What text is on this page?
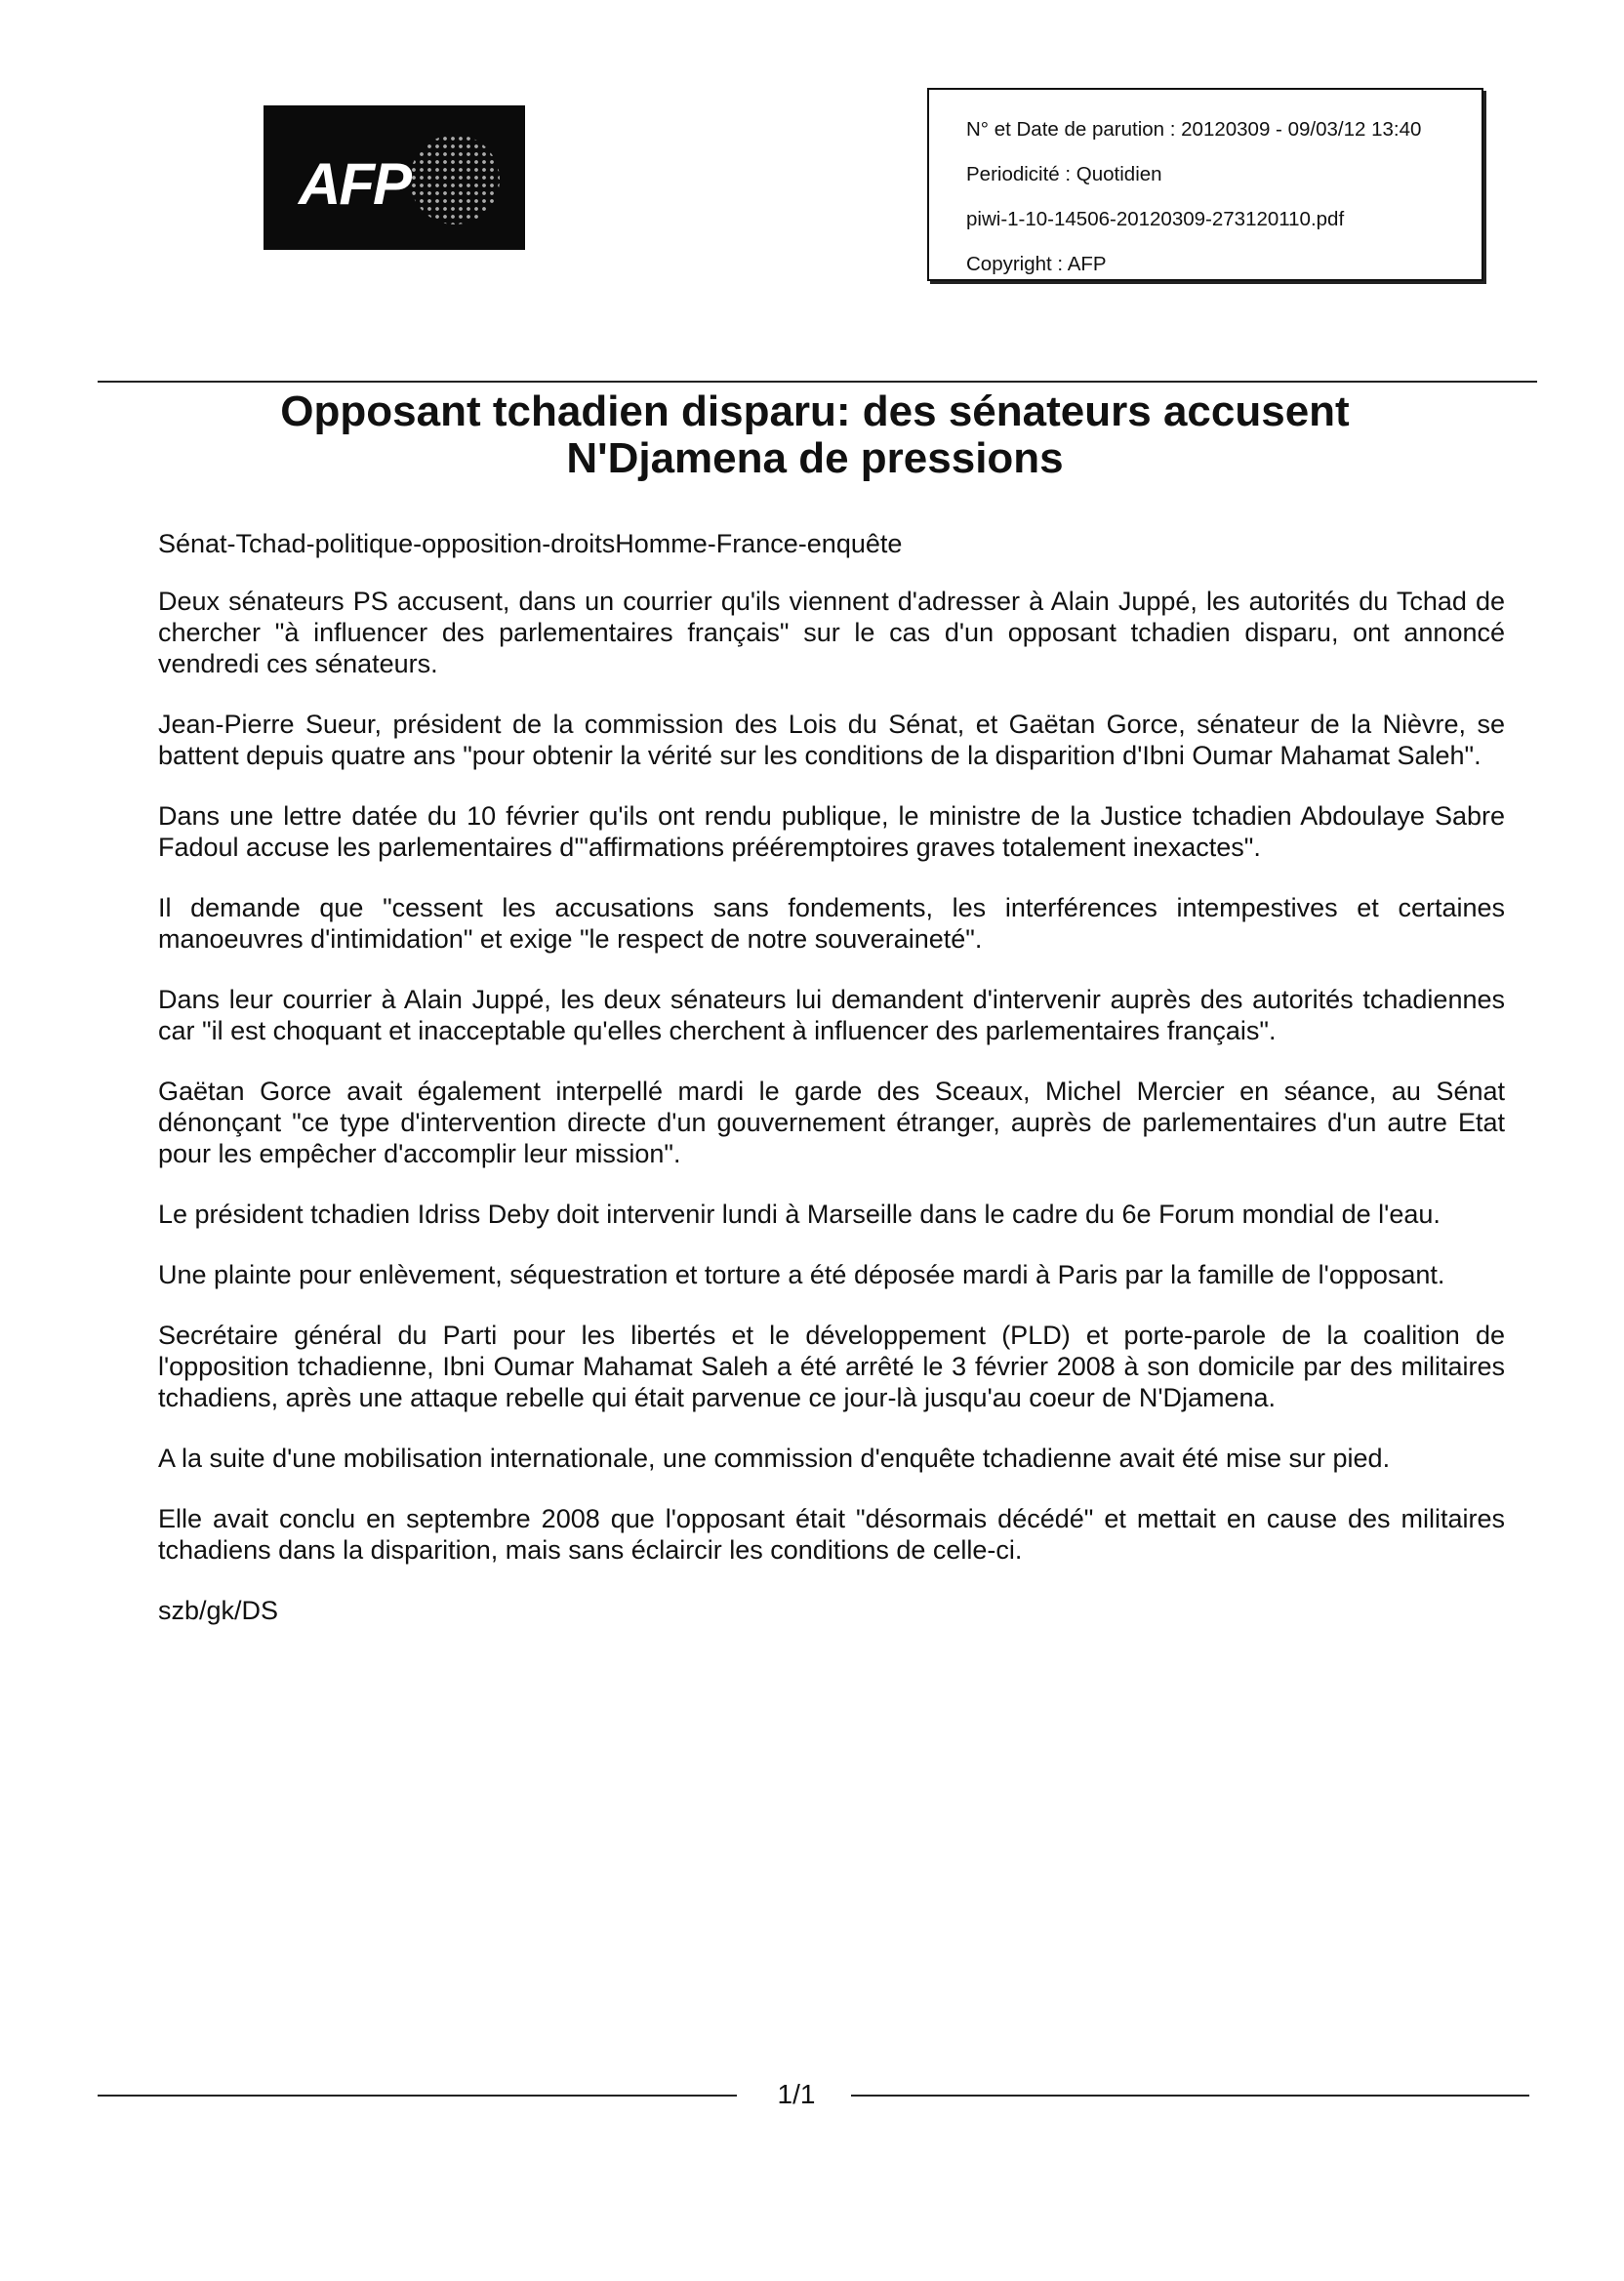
AFP
N° et Date de parution : 20120309 - 09/03/12 13:40
Periodicité : Quotidien
piwi-1-10-14506-20120309-273120110.pdf
Copyright : AFP
Opposant tchadien disparu: des sénateurs accusent
N'Djamena de pressions
Sénat-Tchad-politique-opposition-droitsHomme-France-enquête

Deux sénateurs PS accusent, dans un courrier qu'ils viennent d'adresser à Alain Juppé, les autorités du Tchad de chercher "à influencer des parlementaires français" sur le cas d'un opposant tchadien disparu, ont annoncé vendredi ces sénateurs.

Jean-Pierre Sueur, président de la commission des Lois du Sénat, et Gaëtan Gorce, sénateur de la Nièvre, se battent depuis quatre ans "pour obtenir la vérité sur les conditions de la disparition d'Ibni Oumar Mahamat Saleh".

Dans une lettre datée du 10 février qu'ils ont rendu publique, le ministre de la Justice tchadien Abdoulaye Sabre Fadoul accuse les parlementaires d'"affirmations prééremptoires graves totalement inexactes".

Il demande que "cessent les accusations sans fondements, les interférences intempestives et certaines manoeuvres d'intimidation" et exige "le respect de notre souveraineté".

Dans leur courrier à Alain Juppé, les deux sénateurs lui demandent d'intervenir auprès des autorités tchadiennes car "il est choquant et inacceptable qu'elles cherchent à influencer des parlementaires français".

Gaëtan Gorce avait également interpellé mardi le garde des Sceaux, Michel Mercier en séance, au Sénat dénonçant "ce type d'intervention directe d'un gouvernement étranger, auprès de parlementaires d'un autre Etat pour les empêcher d'accomplir leur mission".

Le président tchadien Idriss Deby doit intervenir lundi à Marseille dans le cadre du 6e Forum mondial de l'eau.

Une plainte pour enlèvement, séquestration et torture a été déposée mardi à Paris par la famille de l'opposant.

Secrétaire général du Parti pour les libertés et le développement (PLD) et porte-parole de la coalition de l'opposition tchadienne, Ibni Oumar Mahamat Saleh a été arrêté le 3 février 2008 à son domicile par des militaires tchadiens, après une attaque rebelle qui était parvenue ce jour-là jusqu'au coeur de N'Djamena.

A la suite d'une mobilisation internationale, une commission d'enquête tchadienne avait été mise sur pied.

Elle avait conclu en septembre 2008 que l'opposant était "désormais décédé" et mettait en cause des militaires tchadiens dans la disparition, mais sans éclaircir les conditions de celle-ci.

szb/gk/DS
1/1
